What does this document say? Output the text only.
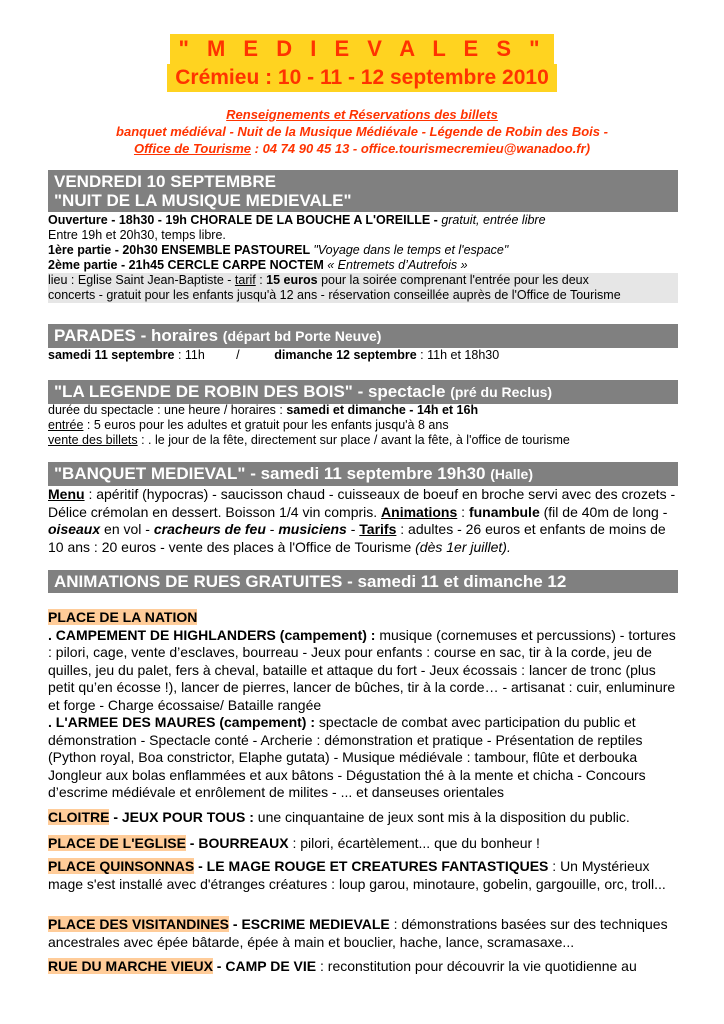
" M E D I E V A L E S "
Crémieu : 10 - 11 - 12 septembre 2010
Renseignements et Réservations des billets
banquet médiéval - Nuit de la Musique Médiévale - Légende de Robin des Bois -
Office de Tourisme : 04 74 90 45 13 - office.tourismecremieu@wanadoo.fr)
VENDREDI 10 SEPTEMBRE
"NUIT DE LA MUSIQUE MEDIEVALE"
Ouverture - 18h30 - 19h CHORALE DE LA BOUCHE A L'OREILLE - gratuit, entrée libre
Entre 19h et 20h30, temps libre.
1ère partie - 20h30 ENSEMBLE PASTOUREL "Voyage dans le temps et l'espace"
2ème partie - 21h45 CERCLE CARPE NOCTEM « Entremets d’Autrefois »
lieu : Eglise Saint Jean-Baptiste - tarif : 15 euros pour la soirée comprenant l'entrée pour les deux
concerts - gratuit pour les enfants jusqu'à 12 ans - réservation conseillée auprès de l'Office de Tourisme
PARADES - horaires (départ bd Porte Neuve)
samedi 11 septembre : 11h         /          dimanche 12 septembre : 11h et 18h30
"LA LEGENDE DE ROBIN DES BOIS" - spectacle (pré du Reclus)
durée du spectacle : une heure / horaires : samedi et dimanche - 14h et 16h
entrée : 5 euros pour les adultes et gratuit pour les enfants jusqu'à 8 ans
vente des billets : . le jour de la fête, directement sur place / avant la fête, à l'office de tourisme
"BANQUET MEDIEVAL" - samedi 11 septembre 19h30 (Halle)
Menu : apéritif (hypocras) - saucisson chaud - cuisseaux de boeuf en broche servi avec des crozets - Délice crémolan en dessert. Boisson 1/4 vin compris. Animations : funambule (fil de 40m de long - oiseaux en vol - cracheurs de feu - musiciens - Tarifs : adultes - 26 euros et enfants de moins de 10 ans : 20 euros - vente des places à l'Office de Tourisme (dès 1er juillet).
ANIMATIONS DE RUES GRATUITES - samedi 11 et dimanche 12
PLACE DE LA NATION
. CAMPEMENT DE HIGHLANDERS (campement) : musique (cornemuses et percussions) - tortures : pilori, cage, vente d’esclaves, bourreau - Jeux pour enfants : course en sac, tir à la corde, jeu de quilles, jeu du palet, fers à cheval, bataille et attaque du fort - Jeux écossais : lancer de tronc (plus petit qu’en écosse !), lancer de pierres, lancer de bûches, tir à la corde… - artisanat : cuir, enluminure et forge - Charge écossaise/ Bataille rangée
. L'ARMEE DES MAURES (campement) : spectacle de combat avec participation du public et démonstration - Spectacle conté - Archerie : démonstration et pratique - Présentation de reptiles (Python royal, Boa constrictor, Elaphe gutata) - Musique médiévale : tambour, flûte et derbouka Jongleur aux bolas enflammées et aux bâtons - Dégustation thé à la mente et chicha - Concours d’escrime médiévale et enrôlement de milites - ... et danseuses orientales
CLOITRE - JEUX POUR TOUS : une cinquantaine de jeux sont mis à la disposition du public.
PLACE DE L'EGLISE - BOURREAUX : pilori, écartèlement... que du bonheur !
PLACE QUINSONNAS - LE MAGE ROUGE ET CREATURES FANTASTIQUES : Un Mystérieux mage s'est installé avec d'étranges créatures : loup garou, minotaure, gobelin, gargouille, orc, troll...
PLACE DES VISITANDINES - ESCRIME MEDIEVALE : démonstrations basées sur des techniques ancestrales avec épée bâtarde, épée à main et bouclier, hache, lance, scramasaxe...
RUE DU MARCHE VIEUX - CAMP DE VIE : reconstitution pour découvrir la vie quotidienne au
